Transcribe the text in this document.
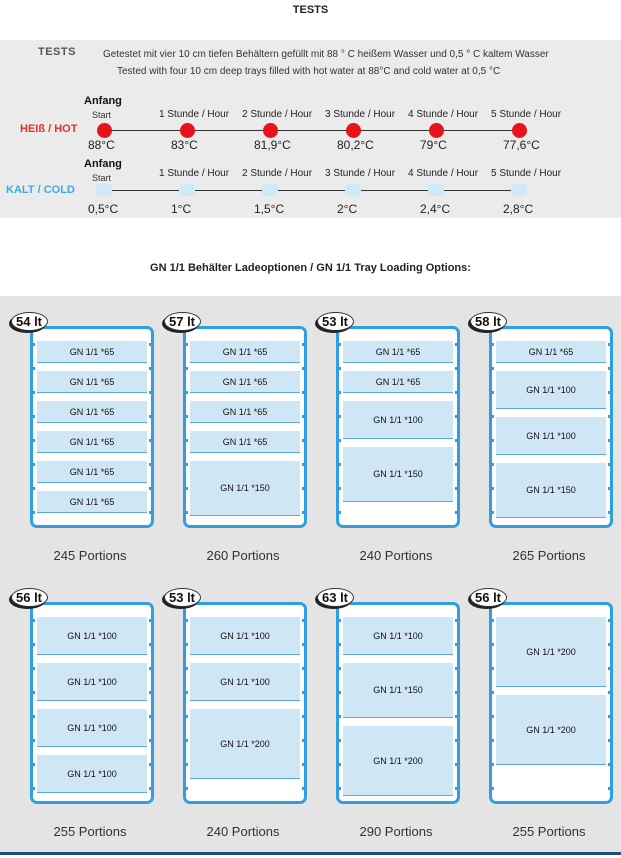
TESTS
TESTS	Getestet mit vier 10 cm tiefen Behältern gefüllt mit 88 ° C heißem Wasser und 0,5 ° C kaltem Wasser
Tested with four 10 cm deep trays filled with hot water at 88°C and cold water at 0,5 °C
HEIß / HOT
Anfang
Start
88°C
1 Stunde / Hour
83°C
2 Stunde / Hour
81,9°C
3 Stunde / Hour
80,2°C
4 Stunde / Hour
79°C
5 Stunde / Hour
77,6°C
KALT / COLD
Anfang
Start
0,5°C
1 Stunde / Hour
1°C
2 Stunde / Hour
1,5°C
3 Stunde / Hour
2°C
4 Stunde / Hour
2,4°C
5 Stunde / Hour
2,8°C
GN 1/1 Behälter Ladeoptionen / GN 1/1 Tray Loading Options:
GN 1/1 *65
GN 1/1 *65
GN 1/1 *65
GN 1/1 *65
GN 1/1 *65
GN 1/1 *65
54 lt
245 Portions
GN 1/1 *65
GN 1/1 *65
GN 1/1 *65
GN 1/1 *65
GN 1/1 *150
57 lt
260 Portions
GN 1/1 *65
GN 1/1 *65
GN 1/1 *100
GN 1/1 *150
53 lt
240 Portions
GN 1/1 *65
GN 1/1 *100
GN 1/1 *100
GN 1/1 *150
58 lt
265 Portions
GN 1/1 *100
GN 1/1 *100
GN 1/1 *100
GN 1/1 *100
56 lt
255 Portions
GN 1/1 *100
GN 1/1 *100
GN 1/1 *200
53 lt
240 Portions
GN 1/1 *100
GN 1/1 *150
GN 1/1 *200
63 lt
290 Portions
GN 1/1 *200
GN 1/1 *200
56 lt
255 Portions
